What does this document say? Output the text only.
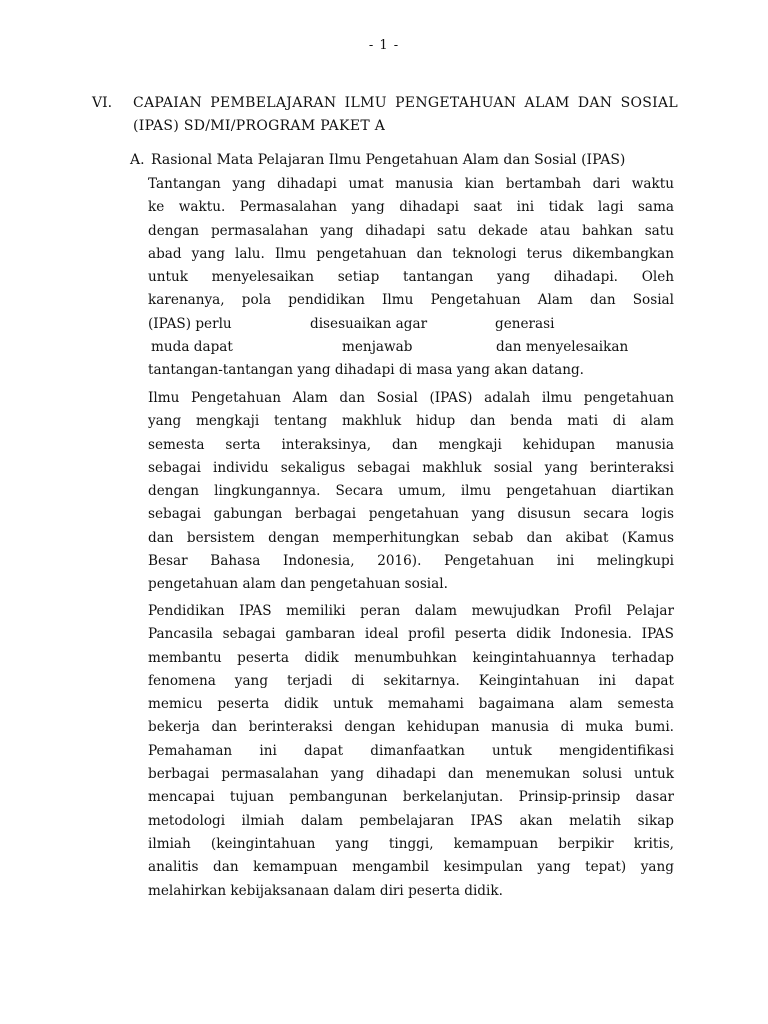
- 1 -
VI. CAPAIAN PEMBELAJARAN ILMU PENGETAHUAN ALAM DAN SOSIAL
(IPAS) SD/MI/PROGRAM PAKET A
A. Rasional Mata Pelajaran Ilmu Pengetahuan Alam dan Sosial (IPAS)
Tantangan yang dihadapi umat manusia kian bertambah dari waktu
ke waktu. Permasalahan yang dihadapi saat ini tidak lagi sama
dengan permasalahan yang dihadapi satu dekade atau bahkan satu
abad yang lalu. Ilmu pengetahuan dan teknologi terus dikembangkan
untuk menyelesaikan setiap tantangan yang dihadapi. Oleh
karenanya, pola pendidikan Ilmu Pengetahuan Alam dan Sosial
(IPAS) perlu	disesuaikan agar	generasi
muda dapat	menjawab	dan menyelesaikan
tantangan-tantangan yang dihadapi di masa yang akan datang.
Ilmu Pengetahuan Alam dan Sosial (IPAS) adalah ilmu pengetahuan
yang mengkaji tentang makhluk hidup dan benda mati di alam
semesta serta interaksinya, dan mengkaji kehidupan manusia
sebagai individu sekaligus sebagai makhluk sosial yang berinteraksi
dengan lingkungannya. Secara umum, ilmu pengetahuan diartikan
sebagai gabungan berbagai pengetahuan yang disusun secara logis
dan bersistem dengan memperhitungkan sebab dan akibat (Kamus
Besar Bahasa Indonesia, 2016). Pengetahuan ini melingkupi
pengetahuan alam dan pengetahuan sosial.
Pendidikan IPAS memiliki peran dalam mewujudkan Profil Pelajar
Pancasila sebagai gambaran ideal profil peserta didik Indonesia. IPAS
membantu peserta didik menumbuhkan keingintahuannya terhadap
fenomena yang terjadi di sekitarnya. Keingintahuan ini dapat
memicu peserta didik untuk memahami bagaimana alam semesta
bekerja dan berinteraksi dengan kehidupan manusia di muka bumi.
Pemahaman ini dapat dimanfaatkan untuk mengidentifikasi
berbagai permasalahan yang dihadapi dan menemukan solusi untuk
mencapai tujuan pembangunan berkelanjutan. Prinsip-prinsip dasar
metodologi ilmiah dalam pembelajaran IPAS akan melatih sikap
ilmiah (keingintahuan yang tinggi, kemampuan berpikir kritis,
analitis dan kemampuan mengambil kesimpulan yang tepat) yang
melahirkan kebijaksanaan dalam diri peserta didik.
